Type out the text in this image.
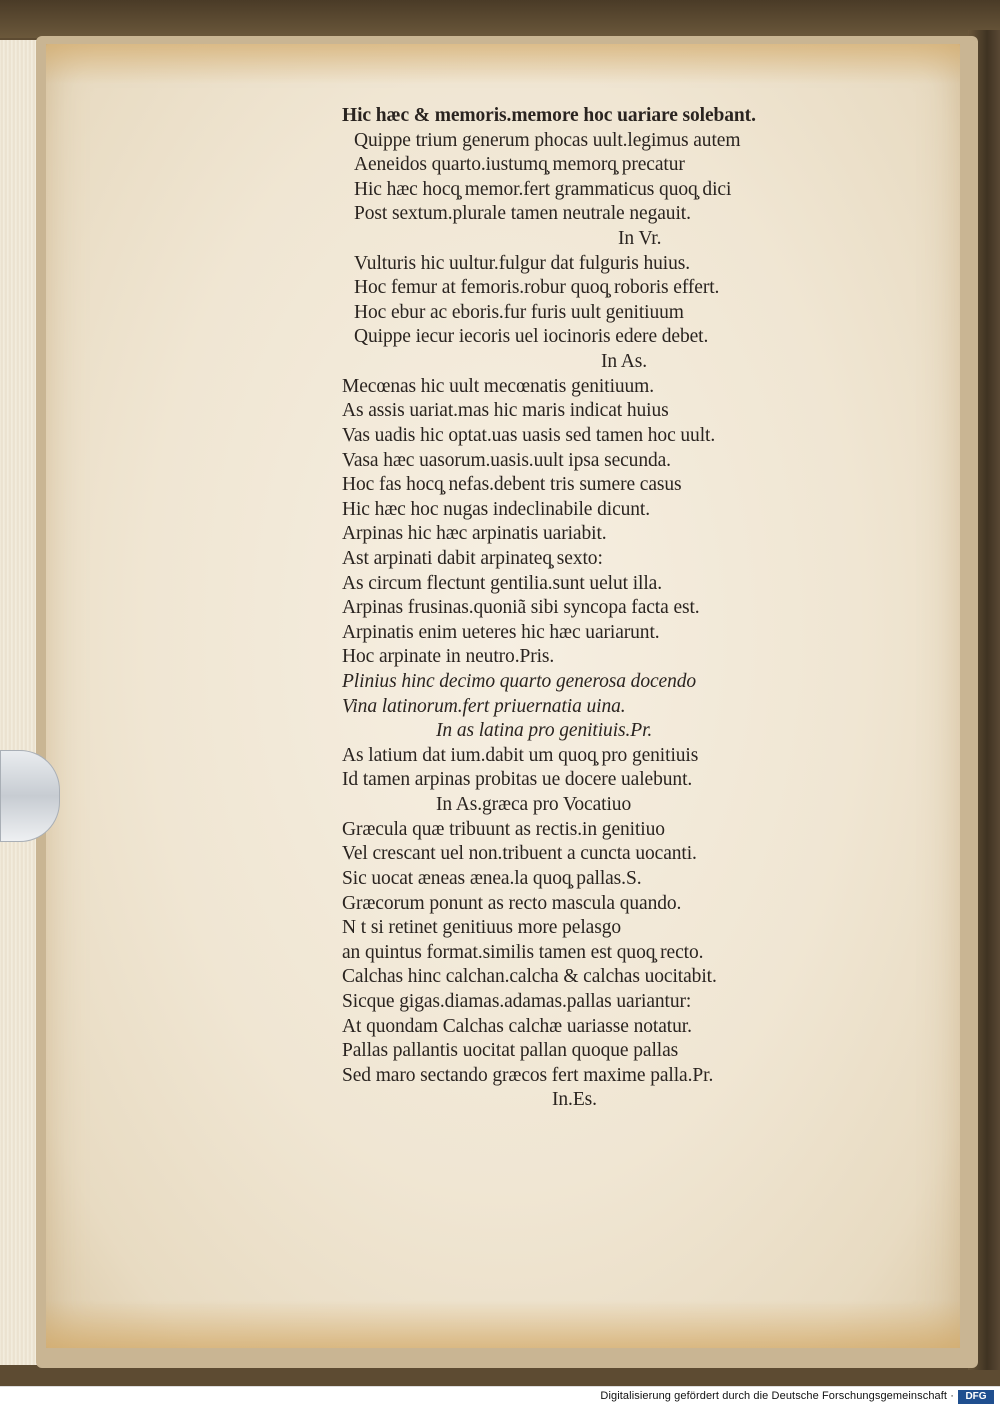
Hic hæc & memoris.memore hoc uariare solebant.
Quippe trium generum phocas uult.legimus autem
Aeneidos quarto.iustumq̧ memorq̧ precatur
Hic hæc hocq̧ memor.fert grammaticus quoq̧ dici
Post sextum.plurale tamen neutrale negauit.
In Vr.
Vulturis hic uultur.fulgur dat fulguris huius.
Hoc femur at femoris.robur quoq̧ roboris effert.
Hoc ebur ac eboris.fur furis uult genitiuum
Quippe iecur iecoris uel iocinoris edere debet.
In As.
Mecœnas hic uult mecœnatis genitiuum.
As assis uariat.mas hic maris indicat huius
Vas uadis hic optat.uas uasis sed tamen hoc uult.
Vasa hæc uasorum.uasis.uult ipsa secunda.
Hoc fas hocq̧ nefas.debent tris sumere casus
Hic hæc hoc nugas indeclinabile dicunt.
Arpinas hic hæc arpinatis uariabit.
Ast arpinati dabit arpinateq̧ sexto:
As circum flectunt gentilia.sunt uelut illa.
Arpinas frusinas.quoniã sibi syncopa facta est.
Arpinatis enim ueteres hic hæc uariarunt.
Hoc arpinate in neutro.Pris.
Plinius hinc decimo quarto generosa docendo
Vina latinorum.fert priuernatia uina.
In as latina pro genitiuis.Pr.
As latium dat ium.dabit um quoq̧ pro genitiuis
Id tamen arpinas probitas ue docere ualebunt.
In As.græca pro Vocatiuo
Græcula quæ tribuunt as rectis.in genitiuo
Vel crescant uel non.tribuent a cuncta uocanti.
Sic uocat æneas ænea.la quoq̧ pallas.S.
Græcorum ponunt as recto mascula quando.
N t si retinet genitiuus more pelasgo
an quintus format.similis tamen est quoq̧ recto.
Calchas hinc calchan.calcha & calchas uocitabit.
Sicque gigas.diamas.adamas.pallas uariantur:
At quondam Calchas calchæ uariasse notatur.
Pallas pallantis uocitat pallan quoque pallas
Sed maro sectando græcos fert maxime palla.Pr.
In.Es.
Digitalisierung gefördert durch die Deutsche Forschungsgemeinschaft ·	DFG
